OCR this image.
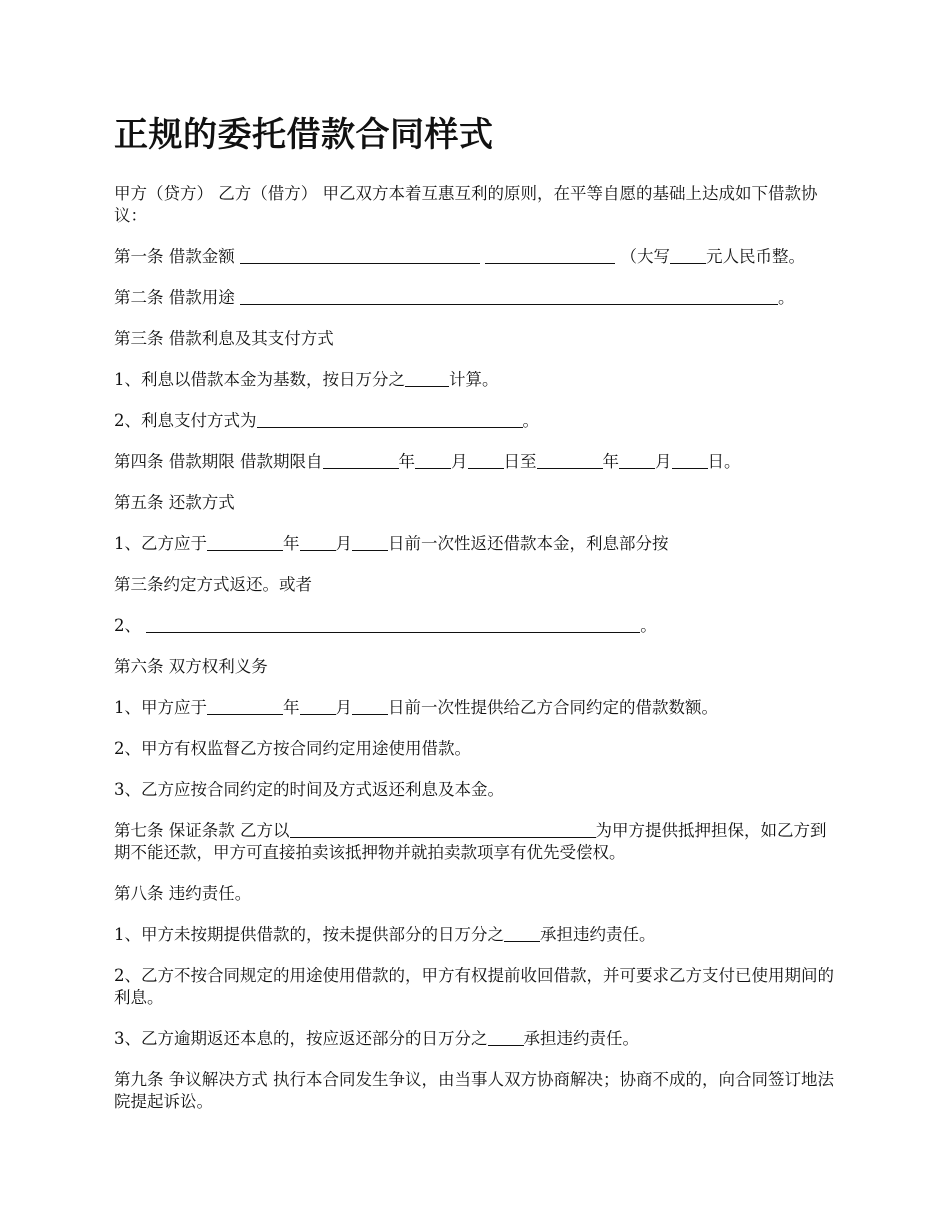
正规的委托借款合同样式

甲方（贷方） 乙方（借方） 甲乙双方本着互惠互利的原则，在平等自愿的基础上达成如下借款协议：

第一条 借款金额	（大写 元人民币整。

第二条 借款用途	。

第三条 借款利息及其支付方式

1、利息以借款本金为基数，按日万分之	计算。

2、利息支付方式为	。

第四条 借款期限 借款期限自	年 月 日至	年 月 日。

第五条 还款方式

1、乙方应于	年 月 日前一次性返还借款本金，利息部分按

第三条约定方式返还。或者

2、	。

第六条 双方权利义务

1、甲方应于	年 月 日前一次性提供给乙方合同约定的借款数额。

2、甲方有权监督乙方按合同约定用途使用借款。

3、乙方应按合同约定的时间及方式返还利息及本金。

第七条 保证条款 乙方以	为甲方提供抵押担保，如乙方到期不能还款，甲方可直接拍卖该抵押物并就拍卖款项享有优先受偿权。

第八条 违约责任。

1、甲方未按期提供借款的，按未提供部分的日万分之 承担违约责任。

2、乙方不按合同规定的用途使用借款的，甲方有权提前收回借款，并可要求乙方支付已使用期间的利息。

3、乙方逾期返还本息的，按应返还部分的日万分之 承担违约责任。

第九条 争议解决方式 执行本合同发生争议，由当事人双方协商解决；协商不成的，向合同签订地法院提起诉讼。
